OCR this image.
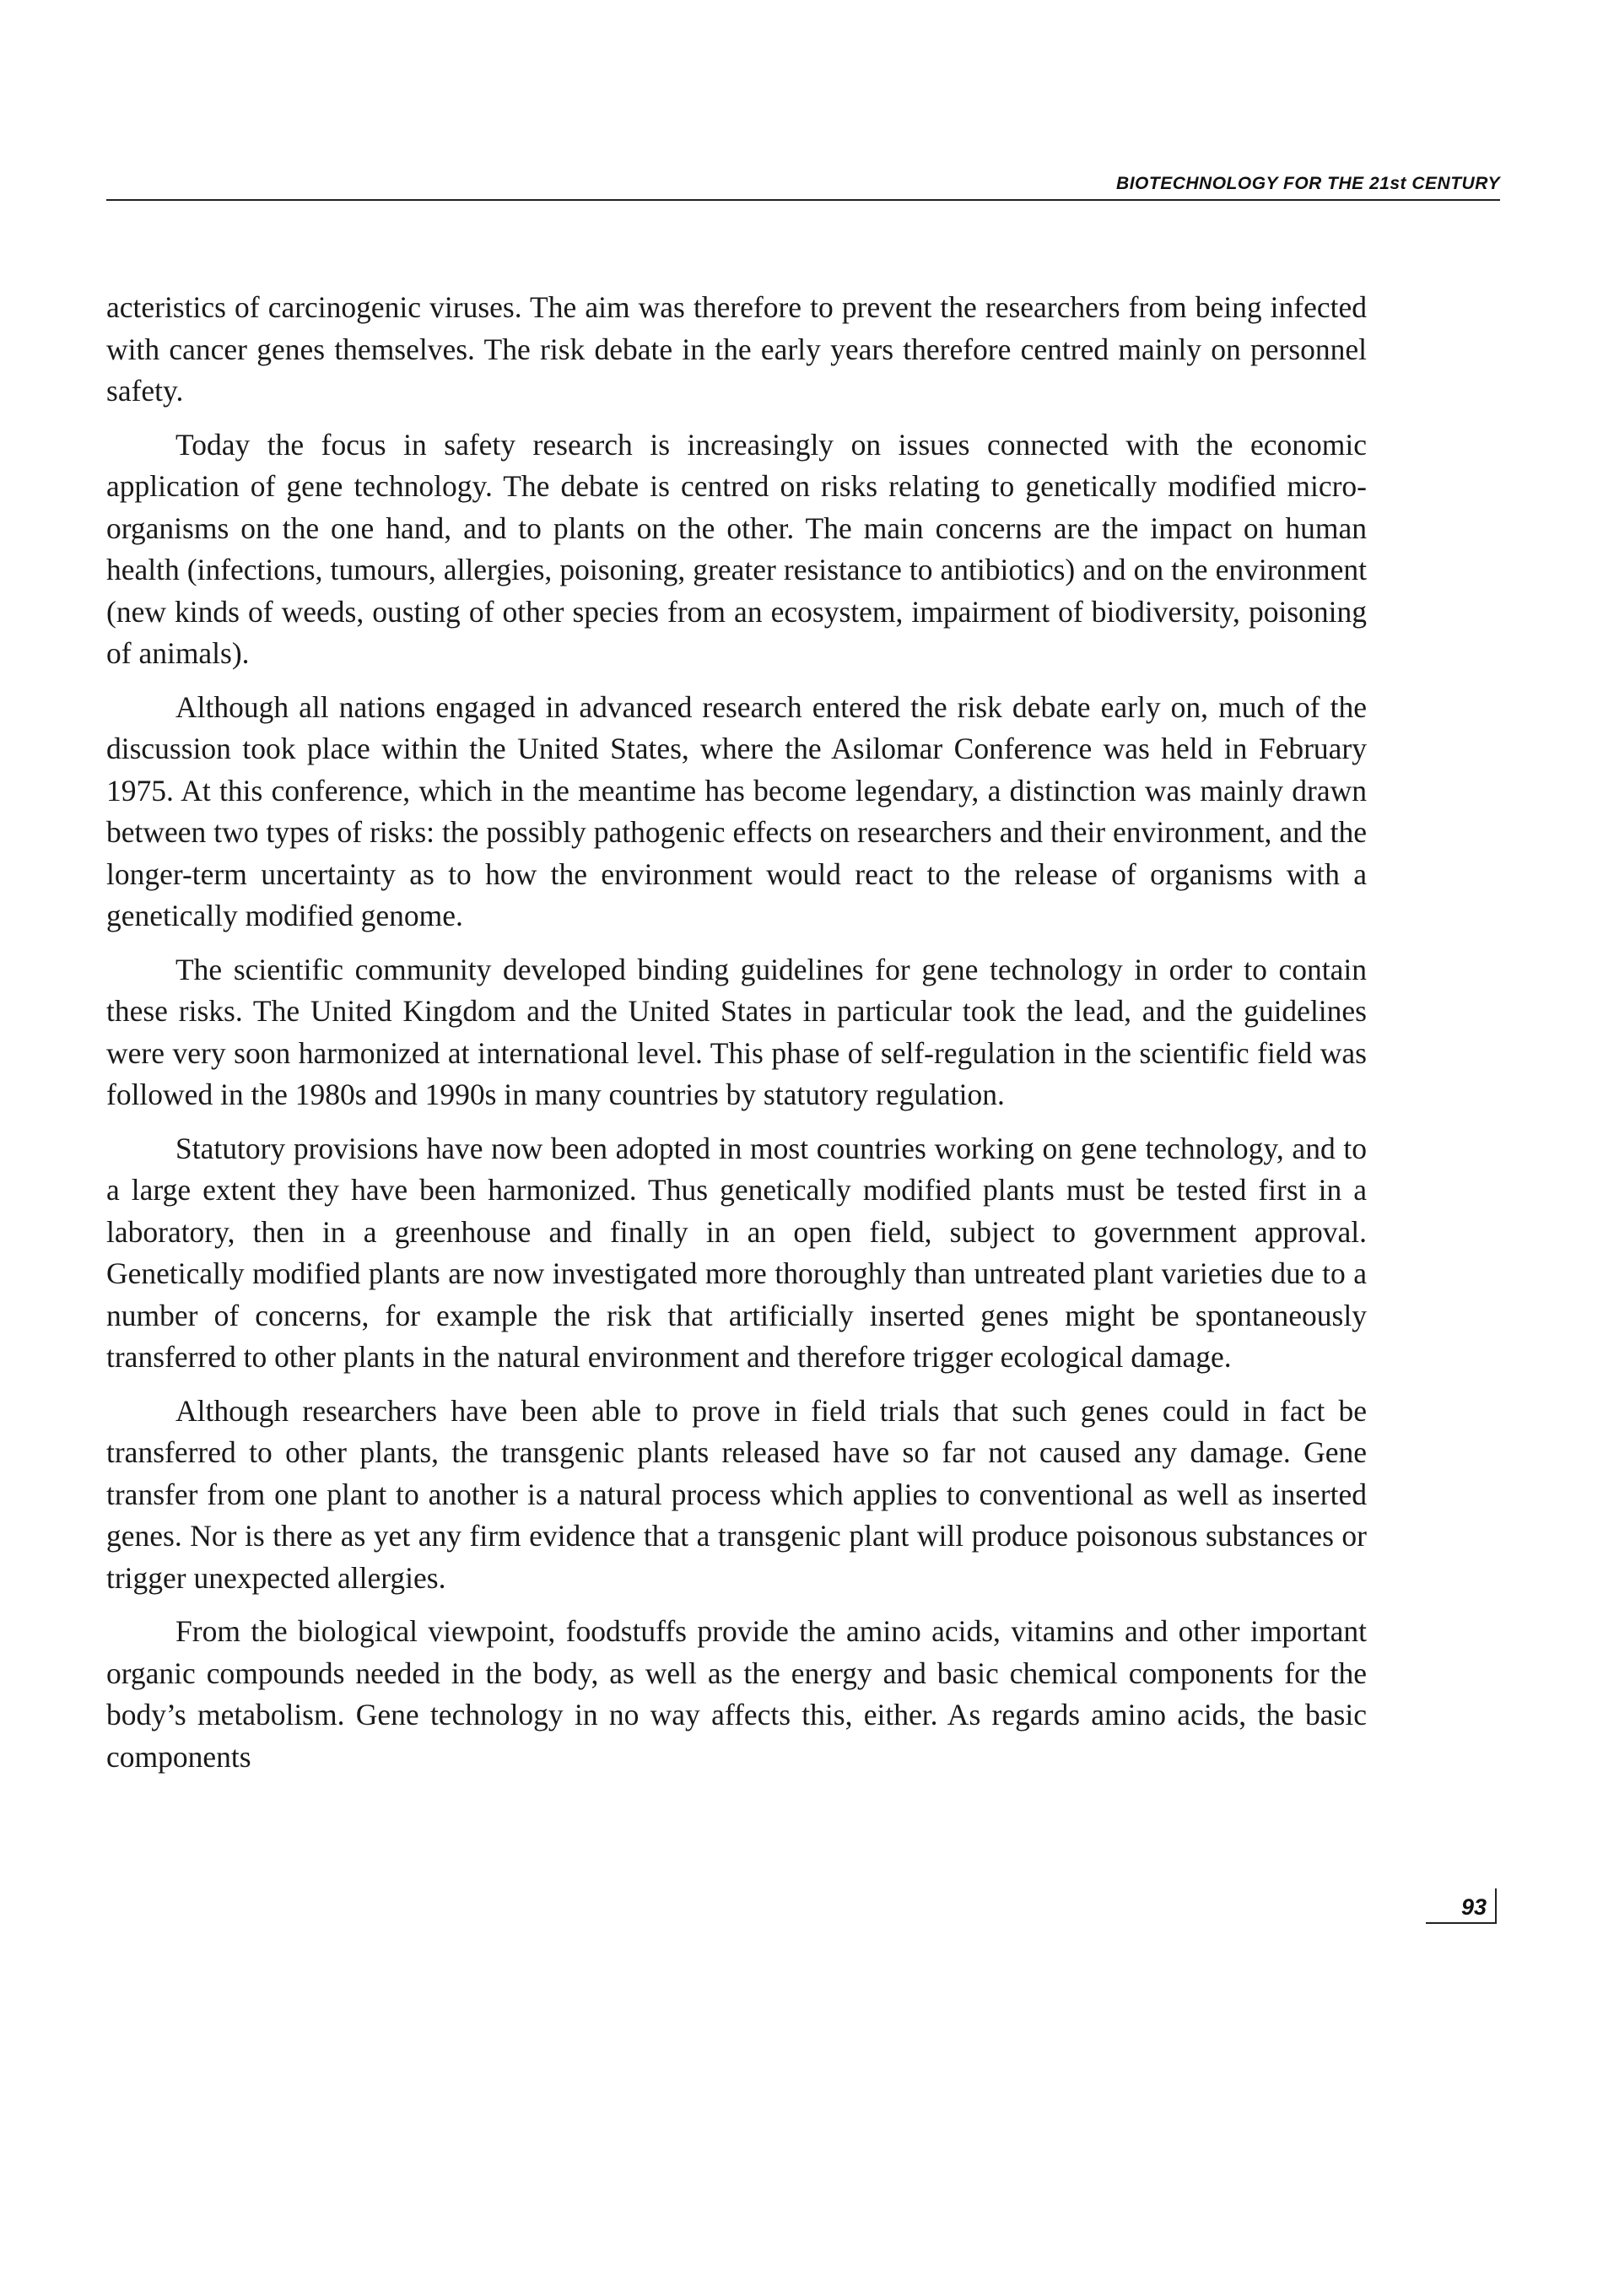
BIOTECHNOLOGY FOR THE 21st CENTURY

acteristics of carcinogenic viruses. The aim was therefore to prevent the researchers from being infected with cancer genes themselves. The risk debate in the early years therefore centred mainly on personnel safety.

Today the focus in safety research is increasingly on issues connected with the economic application of gene technology. The debate is centred on risks relating to genetically modified micro-organisms on the one hand, and to plants on the other. The main concerns are the impact on human health (infections, tumours, allergies, poisoning, greater resistance to antibiotics) and on the environment (new kinds of weeds, ousting of other species from an ecosystem, impairment of biodiversity, poisoning of animals).

Although all nations engaged in advanced research entered the risk debate early on, much of the discussion took place within the United States, where the Asilomar Conference was held in February 1975. At this conference, which in the meantime has become legendary, a distinction was mainly drawn between two types of risks: the possibly pathogenic effects on researchers and their environment, and the longer-term uncertainty as to how the environment would react to the release of organisms with a genetically modified genome.

The scientific community developed binding guidelines for gene technology in order to contain these risks. The United Kingdom and the United States in particular took the lead, and the guidelines were very soon harmonized at international level. This phase of self-regulation in the scientific field was followed in the 1980s and 1990s in many countries by statutory regulation.

Statutory provisions have now been adopted in most countries working on gene technology, and to a large extent they have been harmonized. Thus genetically modified plants must be tested first in a laboratory, then in a greenhouse and finally in an open field, subject to government approval. Genetically modified plants are now investigated more thoroughly than untreated plant varieties due to a number of concerns, for example the risk that artificially inserted genes might be spontaneously transferred to other plants in the natural environment and therefore trigger ecological damage.

Although researchers have been able to prove in field trials that such genes could in fact be transferred to other plants, the transgenic plants released have so far not caused any damage. Gene transfer from one plant to another is a natural process which applies to conventional as well as inserted genes. Nor is there as yet any firm evidence that a transgenic plant will produce poisonous substances or trigger unexpected allergies.

From the biological viewpoint, foodstuffs provide the amino acids, vitamins and other important organic compounds needed in the body, as well as the energy and basic chemical components for the body’s metabolism. Gene technology in no way affects this, either. As regards amino acids, the basic components

93
